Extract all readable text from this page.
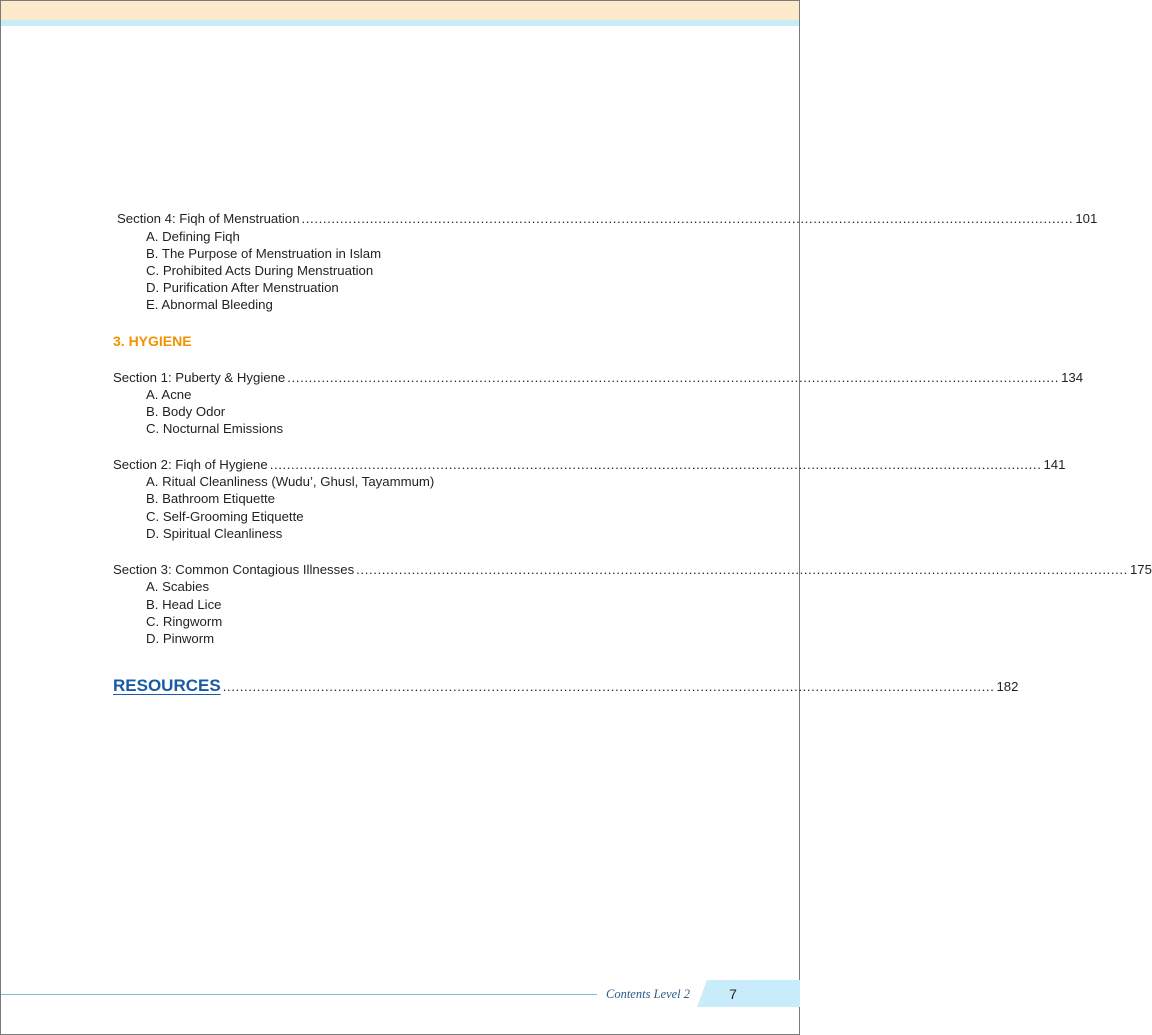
Section 4: Fiqh of Menstruation ..................................................................................................................................................................................... 101
A. Defining Fiqh
B. The Purpose of Menstruation in Islam
C. Prohibited Acts During Menstruation
D. Purification After Menstruation
E. Abnormal Bleeding
3. HYGIENE
Section 1: Puberty & Hygiene ..................................................................................................................................................................................... 134
A. Acne
B. Body Odor
C. Nocturnal Emissions
Section 2: Fiqh of Hygiene ..................................................................................................................................................................................... 141
A. Ritual Cleanliness (Wudu’, Ghusl, Tayammum)
B. Bathroom Etiquette
C. Self-Grooming Etiquette
D. Spiritual Cleanliness
Section 3: Common Contagious Illnesses ..................................................................................................................................................................................... 175
A. Scabies
B. Head Lice
C. Ringworm
D. Pinworm
RESOURCES ..................................................................................................................................................................................... 182
Contents Level 2	7
